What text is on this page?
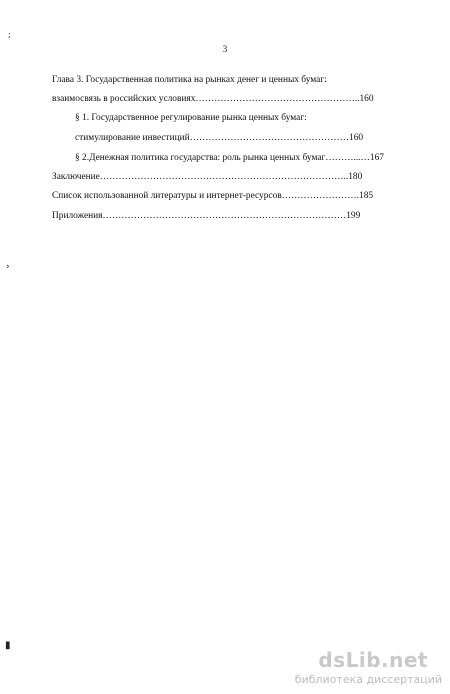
3
Глава 3. Государственная политика на рынках денег и ценных бумаг:
взаимосвязь в российских условиях……………………………………………..160
§ 1. Государственное регулирование рынка ценных бумаг:
стимулирование инвестиций……………………………………………160
§ 2.Денежная политика государства: роль рынка ценных бумаг………...…167
Заключение……………………………………………………………………..180
Список использованной литературы и интернет-ресурсов…………………….185
Приложения……………………………………………………………………199
;
›
▮
dsLib.net
библиотека диссертаций
